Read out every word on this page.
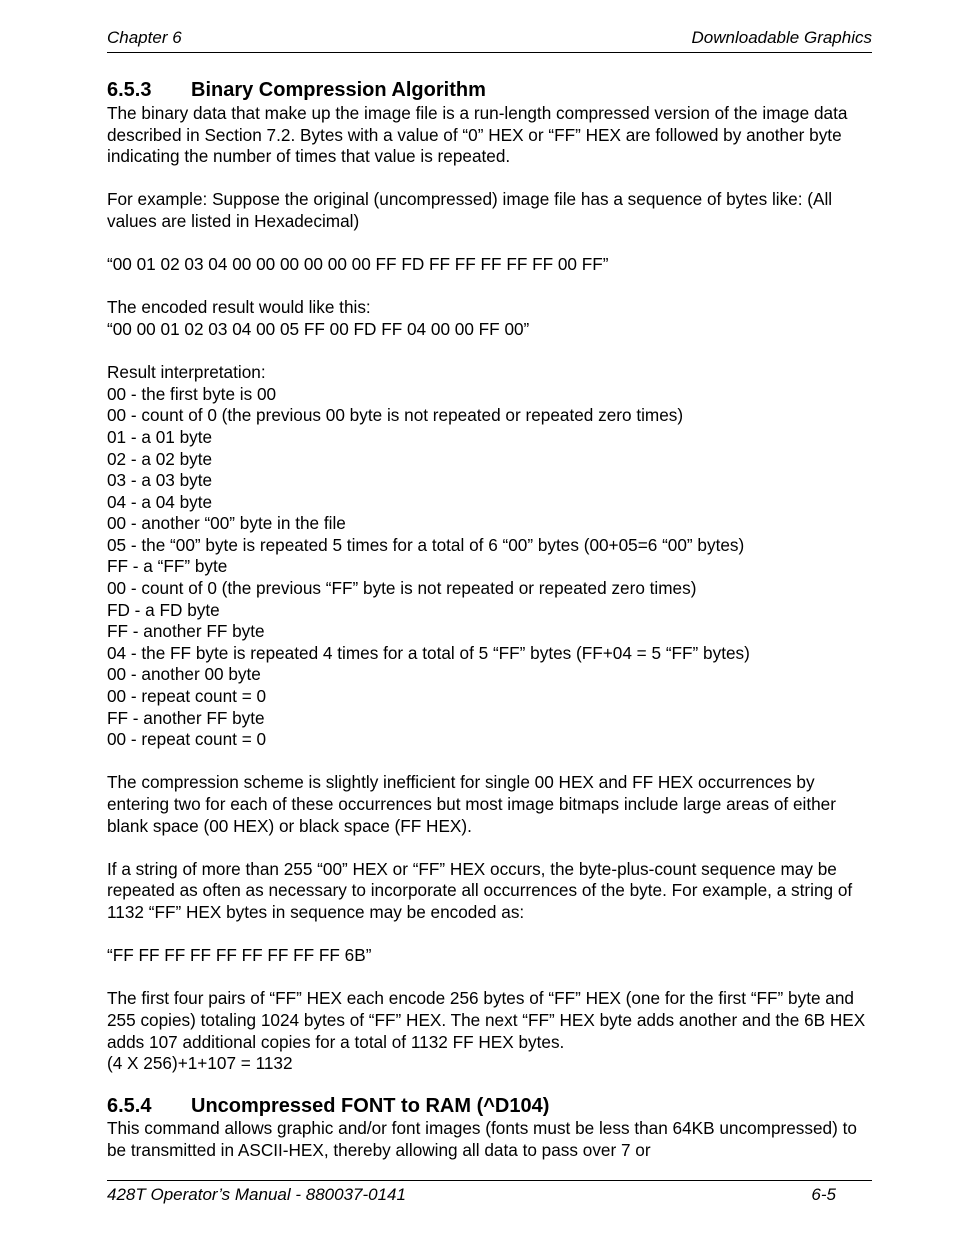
Chapter 6	Downloadable Graphics
6.5.3 Binary Compression Algorithm

The binary data that make up the image file is a run-length compressed version of the image data described in Section 7.2. Bytes with a value of “0” HEX or “FF” HEX are followed by another byte indicating the number of times that value is repeated.

For example: Suppose the original (uncompressed) image file has a sequence of bytes like: (All values are listed in Hexadecimal)

“00 01 02 03 04 00 00 00 00 00 00 FF FD FF FF FF FF FF 00 FF”

The encoded result would like this:

“00 00 01 02 03 04 00 05 FF 00 FD FF 04 00 00 FF 00”

Result interpretation:

00 - the first byte is 00

00 - count of 0 (the previous 00 byte is not repeated or repeated zero times)

01 - a 01 byte

02 - a 02 byte

03 - a 03 byte

04 - a 04 byte

00 - another “00” byte in the file

05 - the “00” byte is repeated 5 times for a total of 6 “00” bytes (00+05=6 “00” bytes)

FF - a “FF” byte

00 - count of 0 (the previous “FF” byte is not repeated or repeated zero times)

FD - a FD byte

FF - another FF byte

04 - the FF byte is repeated 4 times for a total of 5 “FF” bytes (FF+04 = 5 “FF” bytes)

00 - another 00 byte

00 - repeat count = 0

FF - another FF byte

00 - repeat count = 0

The compression scheme is slightly inefficient for single 00 HEX and FF HEX occurrences by entering two for each of these occurrences but most image bitmaps include large areas of either blank space (00 HEX) or black space (FF HEX).

If a string of more than 255 “00” HEX or “FF” HEX occurs, the byte-plus-count sequence may be repeated as often as necessary to incorporate all occurrences of the byte. For example, a string of 1132 “FF” HEX bytes in sequence may be encoded as:

“FF FF FF FF FF FF FF FF FF 6B”

The first four pairs of “FF” HEX each encode 256 bytes of “FF” HEX (one for the first “FF” byte and 255 copies) totaling 1024 bytes of “FF” HEX. The next “FF” HEX byte adds another and the 6B HEX adds 107 additional copies for a total of 1132 FF HEX bytes.

(4 X 256)+1+107 = 1132

6.5.4 Uncompressed FONT to RAM (^D104)

This command allows graphic and/or font images (fonts must be less than 64KB uncompressed) to be transmitted in ASCII-HEX, thereby allowing all data to pass over 7 or

428T Operator’s Manual - 880037-0141	6-5
